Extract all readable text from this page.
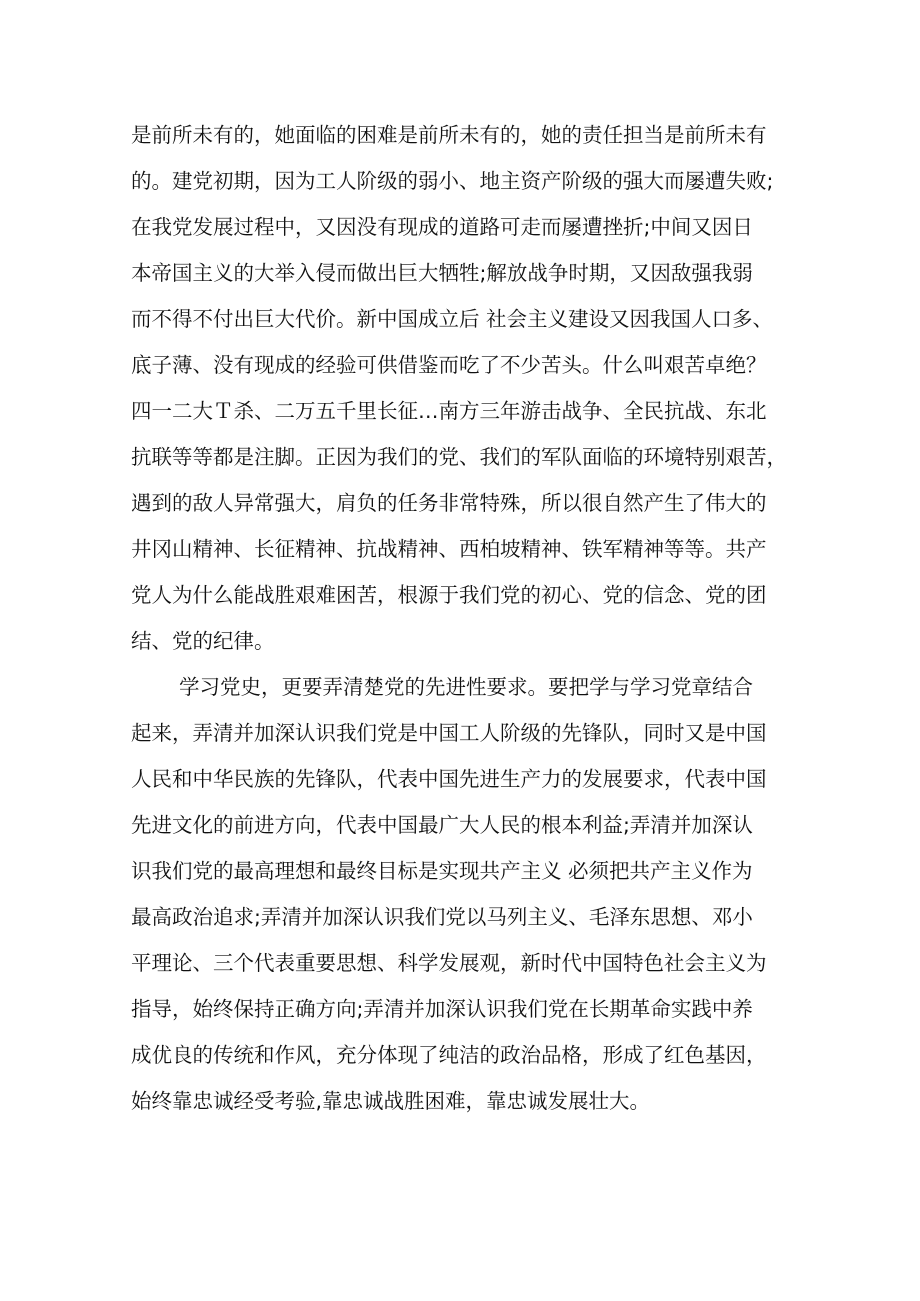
是前所未有的，她面临的困难是前所未有的，她的责任担当是前所未有
的。建党初期，因为工人阶级的弱小、地主资产阶级的强大而屡遭失败;
在我党发展过程中，又因没有现成的道路可走而屡遭挫折;中间又因日
本帝国主义的大举入侵而做出巨大牺牲;解放战争时期，又因敌强我弱
而不得不付出巨大代价。新中国成立后 社会主义建设又因我国人口多、
底子薄、没有现成的经验可供借鉴而吃了不少苦头。什么叫艰苦卓绝？
四一二大Ｔ杀、二万五千里长征…南方三年游击战争、全民抗战、东北
抗联等等都是注脚。正因为我们的党、我们的军队面临的环境特别艰苦，
遇到的敌人异常强大，肩负的任务非常特殊，所以很自然产生了伟大的
井冈山精神、长征精神、抗战精神、西柏坡精神、铁军精神等等。共产
党人为什么能战胜艰难困苦，根源于我们党的初心、党的信念、党的团
结、党的纪律。
学习党史，更要弄清楚党的先进性要求。要把学与学习党章结合
起来，弄清并加深认识我们党是中国工人阶级的先锋队，同时又是中国
人民和中华民族的先锋队，代表中国先进生产力的发展要求，代表中国
先进文化的前进方向，代表中国最广大人民的根本利益;弄清并加深认
识我们党的最高理想和最终目标是实现共产主义 必须把共产主义作为
最高政治追求;弄清并加深认识我们党以马列主义、毛泽东思想、邓小
平理论、三个代表重要思想、科学发展观，新时代中国特色社会主义为
指导，始终保持正确方向;弄清并加深认识我们党在长期革命实践中养
成优良的传统和作风，充分体现了纯洁的政治品格，形成了红色基因，
始终靠忠诚经受考验,靠忠诚战胜困难，靠忠诚发展壮大。
